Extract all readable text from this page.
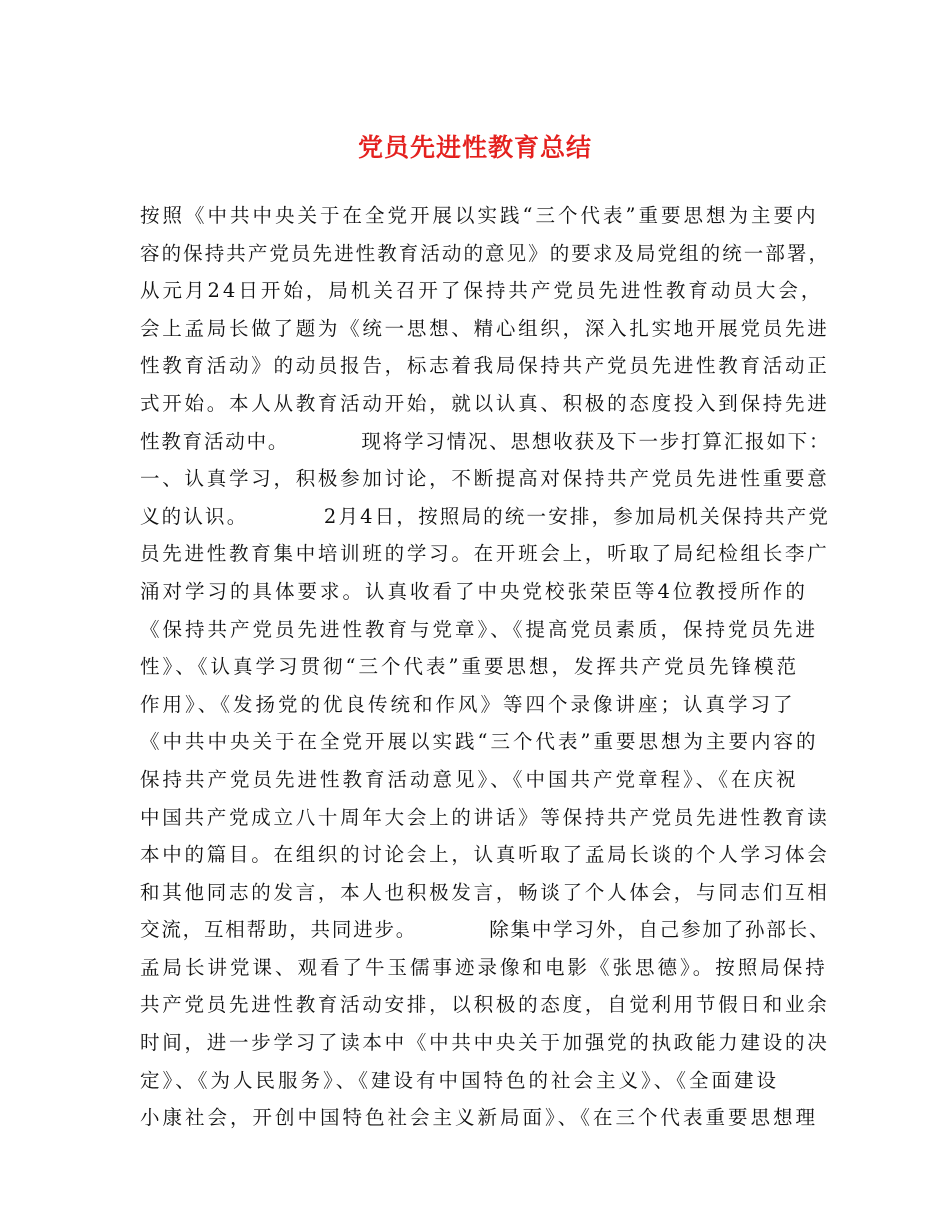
党员先进性教育总结
按照《中共中央关于在全党开展以实践“三个代表”重要思想为主要内
容的保持共产党员先进性教育活动的意见》的要求及局党组的统一部署，
从元月24日开始，局机关召开了保持共产党员先进性教育动员大会，
会上孟局长做了题为《统一思想、精心组织，深入扎实地开展党员先进
性教育活动》的动员报告，标志着我局保持共产党员先进性教育活动正
式开始。本人从教育活动开始，就以认真、积极的态度投入到保持先进
性教育活动中。         现将学习情况、思想收获及下一步打算汇报如下：
一、认真学习，积极参加讨论，不断提高对保持共产党员先进性重要意
义的认识。         2月4日，按照局的统一安排，参加局机关保持共产党
员先进性教育集中培训班的学习。在开班会上，听取了局纪检组长李广
涌对学习的具体要求。认真收看了中央党校张荣臣等4位教授所作的
《保持共产党员先进性教育与党章》、《提高党员素质，保持党员先进
性》、《认真学习贯彻“三个代表”重要思想，发挥共产党员先锋模范
作用》、《发扬党的优良传统和作风》等四个录像讲座；认真学习了
《中共中央关于在全党开展以实践“三个代表”重要思想为主要内容的
保持共产党员先进性教育活动意见》、《中国共产党章程》、《在庆祝
中国共产党成立八十周年大会上的讲话》等保持共产党员先进性教育读
本中的篇目。在组织的讨论会上，认真听取了孟局长谈的个人学习体会
和其他同志的发言，本人也积极发言，畅谈了个人体会，与同志们互相
交流，互相帮助，共同进步。         除集中学习外，自己参加了孙部长、
孟局长讲党课、观看了牛玉儒事迹录像和电影《张思德》。按照局保持
共产党员先进性教育活动安排，以积极的态度，自觉利用节假日和业余
时间，进一步学习了读本中《中共中央关于加强党的执政能力建设的决
定》、《为人民服务》、《建设有中国特色的社会主义》、《全面建设
小康社会，开创中国特色社会主义新局面》、《在三个代表重要思想理
